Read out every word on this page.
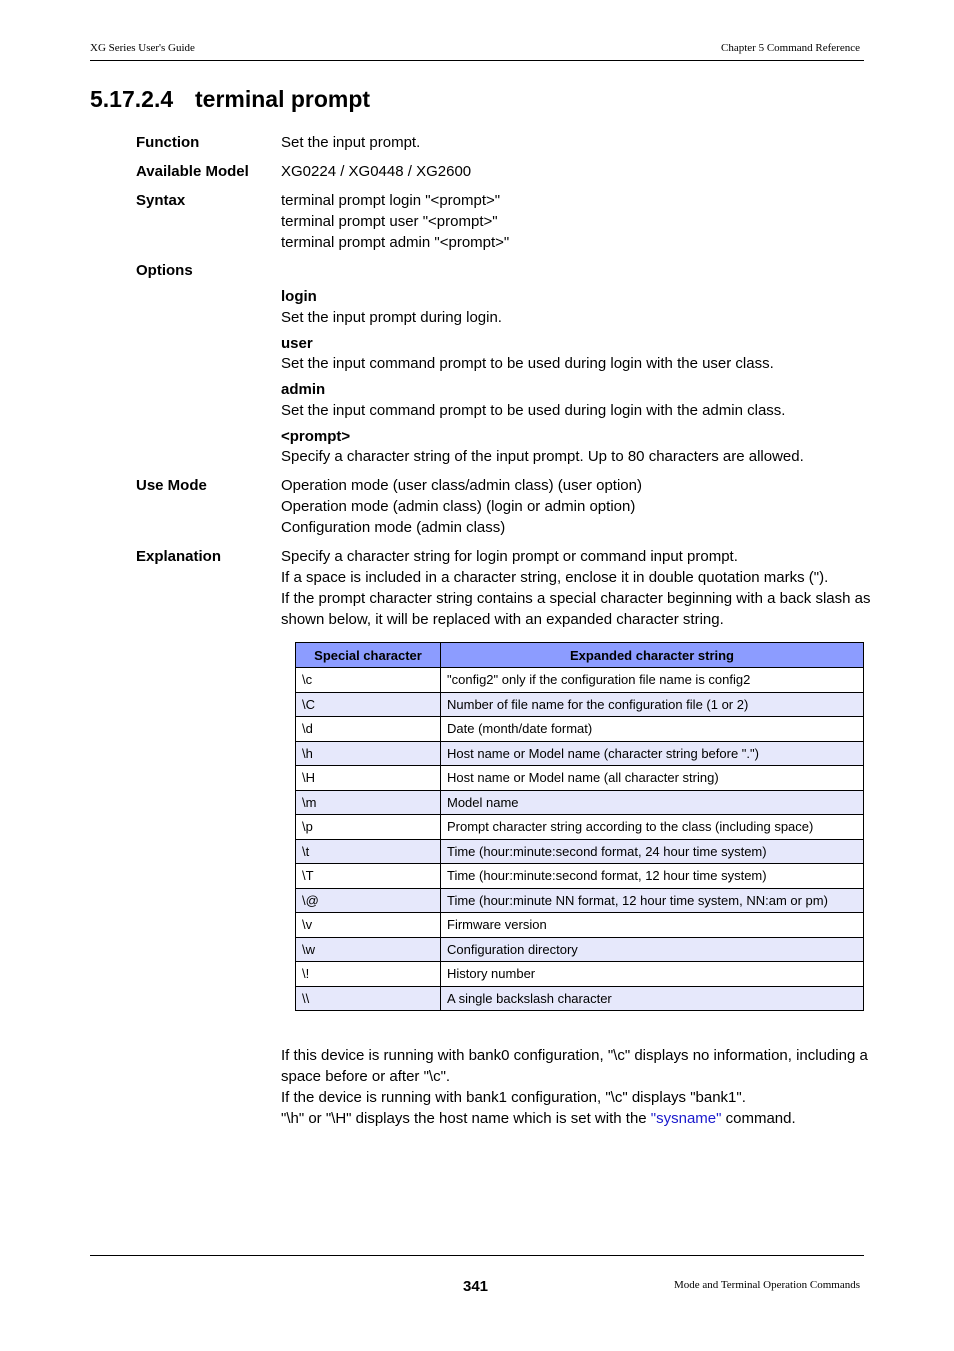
XG Series User's Guide	Chapter 5 Command Reference
5.17.2.4 terminal prompt
Function	Set the input prompt.
Available Model XG0224 / XG0448 / XG2600
Syntax	terminal prompt login "<prompt>"
terminal prompt user "<prompt>"
terminal prompt admin "<prompt>"
Options
login
Set the input prompt during login.
user
Set the input command prompt to be used during login with the user class.
admin
Set the input command prompt to be used during login with the admin class.
<prompt>
Specify a character string of the input prompt. Up to 80 characters are allowed.
Use Mode	Operation mode (user class/admin class) (user option)
Operation mode (admin class) (login or admin option)
Configuration mode (admin class)
Explanation	Specify a character string for login prompt or command input prompt.
If a space is included in a character string, enclose it in double quotation marks (").
If the prompt character string contains a special character beginning with a back slash as
shown below, it will be replaced with an expanded character string.
Special character	Expanded character string
\c	"config2" only if the configuration file name is config2
\C	Number of file name for the configuration file (1 or 2)
\d	Date (month/date format)
\h	Host name or Model name (character string before ".")
\H	Host name or Model name (all character string)
\m	Model name
\p	Prompt character string according to the class (including space)
\t	Time (hour:minute:second format, 24 hour time system)
\T	Time (hour:minute:second format, 12 hour time system)
\@	Time (hour:minute NN format, 12 hour time system, NN:am or pm)
\v	Firmware version
\w	Configuration directory
\!	History number
\\	A single backslash character
If this device is running with bank0 configuration, "\c" displays no information, including a
space before or after "\c".
If the device is running with bank1 configuration, "\c" displays "bank1".
"\h" or "\H" displays the host name which is set with the "sysname" command.
341	Mode and Terminal Operation Commands
